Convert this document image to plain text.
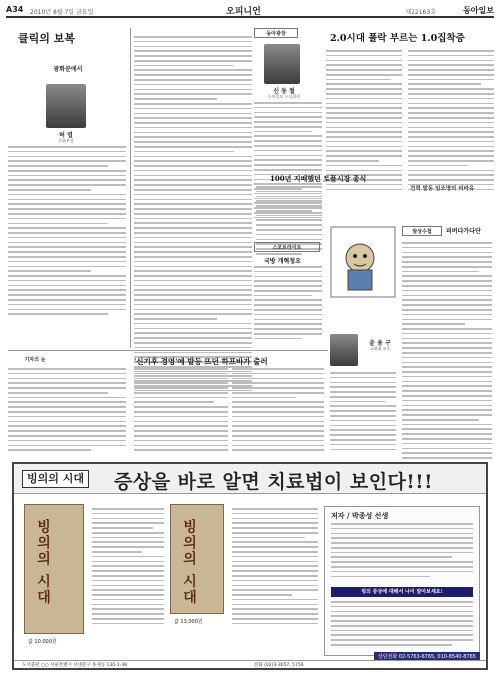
A34 2010년 8월 7일 금요일	오피니언	제22163호	동아일보
클릭의 보복
광화문에서
허 엽
문화부장
동아광장
신 동 철
동아일보 논설위원
2.0시대 폴락 부르는 1.0집착증
전력 발동 임조명의 비바유
100년 지배했던 토플시장 종식
스포트라이트
국방 개혁청요
발상수첩	피버다가다단
윤 용 구
고려대 교수
기자의 눈	'신기후 경영'에 발등 뜨던 하프바가 출러
빙의의 시대 증상을 바로 알면 치료법이 보인다!!!
빙의의 시대
값 10,000원
빙의의 시대
값 13,000원
저자 / 박종성 선생
빙의 증상에 대해서 나이 알아보세요!
상담전화 02-5763-6765, 010-8540-8765
도서출판 ○○ 서울특별시 서대문구 홍제동 130-1-38	전화 (02)3-3657, 5756
